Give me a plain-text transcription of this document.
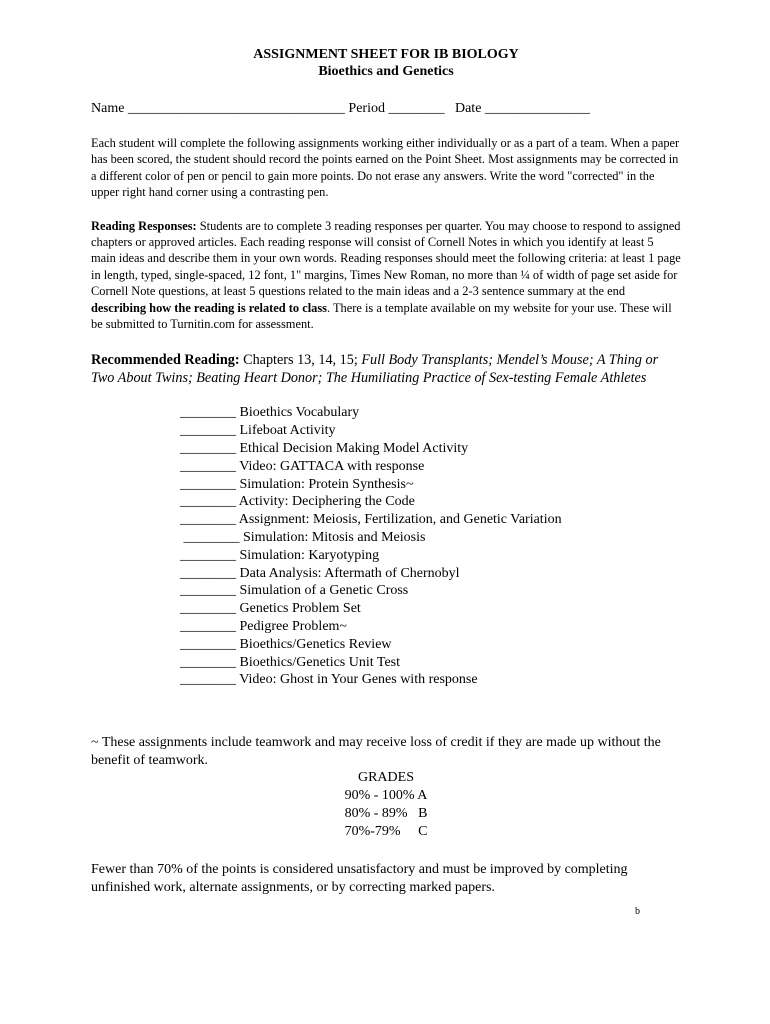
ASSIGNMENT SHEET FOR IB BIOLOGY
Bioethics and Genetics
Name _______________________________ Period ________   Date _______________

Each student will complete the following assignments working either individually or as a part of a team. When a paper has been scored, the student should record the points earned on the Point Sheet. Most assignments may be corrected in a different color of pen or pencil to gain more points. Do not erase any answers. Write the word "corrected" in the upper right hand corner using a contrasting pen.

Reading Responses: Students are to complete 3 reading responses per quarter. You may choose to respond to assigned chapters or approved articles. Each reading response will consist of Cornell Notes in which you identify at least 5 main ideas and describe them in your own words. Reading responses should meet the following criteria: at least 1 page in length, typed, single-spaced, 12 font, 1" margins, Times New Roman, no more than ¼ of width of page set aside for Cornell Note questions, at least 5 questions related to the main ideas and a 2-3 sentence summary at the end describing how the reading is related to class. There is a template available on my website for your use. These will be submitted to Turnitin.com for assessment.

Recommended Reading: Chapters 13, 14, 15; Full Body Transplants; Mendel’s Mouse; A Thing or Two About Twins; Beating Heart Donor; The Humiliating Practice of Sex-testing Female Athletes
________ Bioethics Vocabulary
________ Lifeboat Activity
________ Ethical Decision Making Model Activity
________ Video: GATTACA with response
________ Simulation: Protein Synthesis~
________ Activity: Deciphering the Code
________ Assignment: Meiosis, Fertilization, and Genetic Variation
________ Simulation: Mitosis and Meiosis
________ Simulation: Karyotyping
________ Data Analysis: Aftermath of Chernobyl
________ Simulation of a Genetic Cross
________ Genetics Problem Set
________ Pedigree Problem~
________ Bioethics/Genetics Review
________ Bioethics/Genetics Unit Test
________ Video: Ghost in Your Genes with response
~ These assignments include teamwork and may receive loss of credit if they are made up without the benefit of teamwork.
GRADES
90% - 100% A
80% - 89%   B
70%-79%     C
Fewer than 70% of the points is considered unsatisfactory and must be improved by completing unfinished work, alternate assignments, or by correcting marked papers.
b
